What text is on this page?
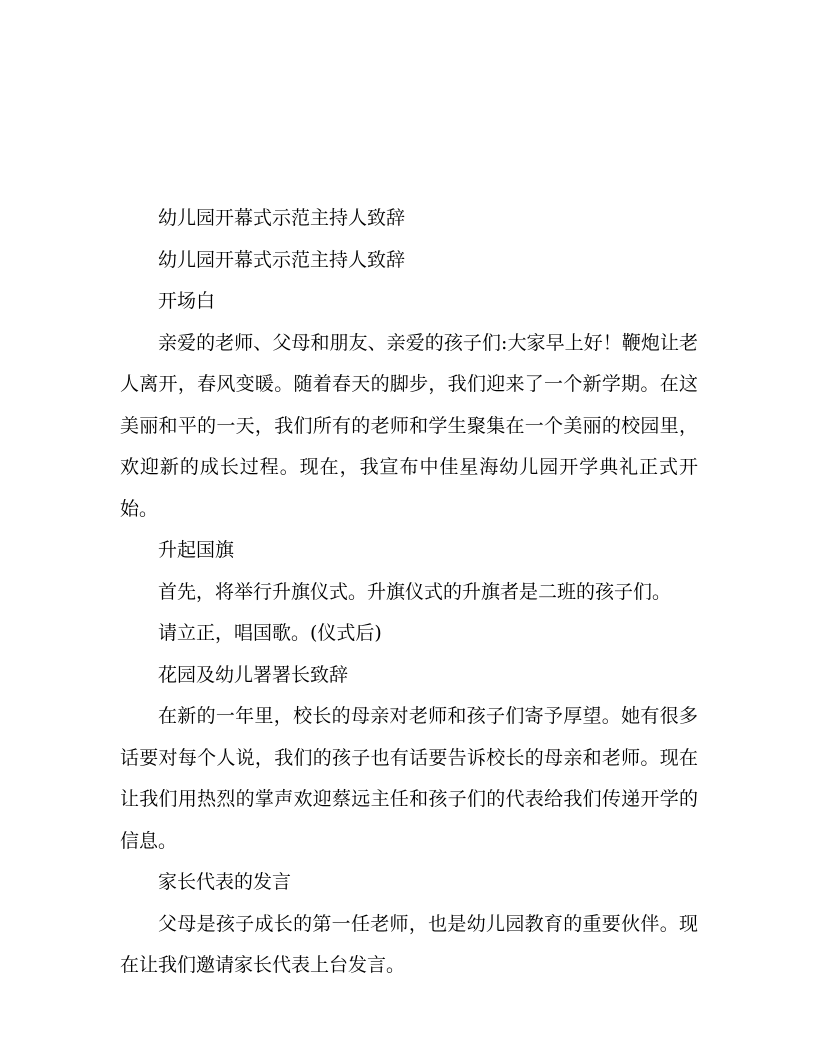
幼儿园开幕式示范主持人致辞

幼儿园开幕式示范主持人致辞

开场白

亲爱的老师、父母和朋友、亲爱的孩子们:大家早上好！鞭炮让老人离开，春风变暖。随着春天的脚步，我们迎来了一个新学期。在这美丽和平的一天，我们所有的老师和学生聚集在一个美丽的校园里，欢迎新的成长过程。现在，我宣布中佳星海幼儿园开学典礼正式开始。

升起国旗

首先，将举行升旗仪式。升旗仪式的升旗者是二班的孩子们。

请立正，唱国歌。(仪式后)

花园及幼儿署署长致辞

在新的一年里，校长的母亲对老师和孩子们寄予厚望。她有很多话要对每个人说，我们的孩子也有话要告诉校长的母亲和老师。现在让我们用热烈的掌声欢迎蔡远主任和孩子们的代表给我们传递开学的信息。

家长代表的发言

父母是孩子成长的第一任老师，也是幼儿园教育的重要伙伴。现在让我们邀请家长代表上台发言。
